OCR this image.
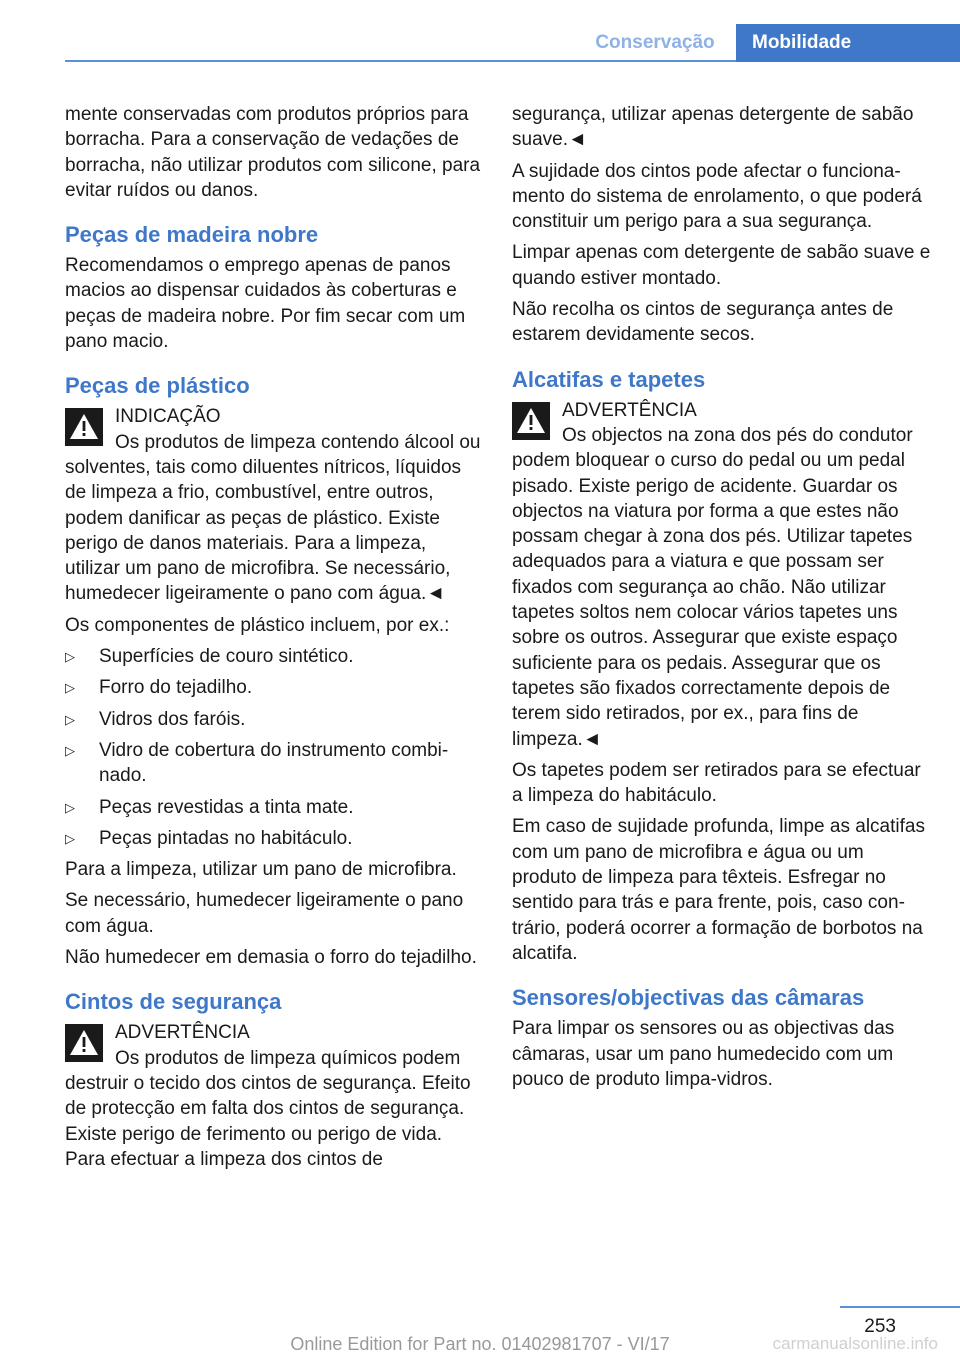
Conservação	Mobilidade

mente conservadas com produtos próprios para borracha. Para a conservação de vedações de borracha, não utilizar produtos com silicone, para evitar ruídos ou danos.

Peças de madeira nobre

Recomendamos o emprego apenas de panos macios ao dispensar cuidados às coberturas e peças de madeira nobre. Por fim secar com um pano macio.

Peças de plástico
INDICAÇÃO
Os produtos de limpeza contendo álcool ou solventes, tais como diluentes nítricos, líquidos de limpeza a frio, combustível, entre outros, podem danificar as peças de plástico. Existe perigo de danos materiais. Para a limpeza, utilizar um pano de microfibra. Se necessário, humedecer ligeiramente o pano com água.◄

Os componentes de plástico incluem, por ex.:

▷ Superfícies de couro sintético.
▷ Forro do tejadilho.
▷ Vidros dos faróis.
▷ Vidro de cobertura do instrumento combinado.
▷ Peças revestidas a tinta mate.
▷ Peças pintadas no habitáculo.

Para a limpeza, utilizar um pano de microfibra.

Se necessário, humedecer ligeiramente o pano com água.

Não humedecer em demasia o forro do tejadilho.

Cintos de segurança
ADVERTÊNCIA
Os produtos de limpeza químicos podem destruir o tecido dos cintos de segurança. Efeito de protecção em falta dos cintos de segurança. Existe perigo de ferimento ou perigo de vida. Para efectuar a limpeza dos cintos de

segurança, utilizar apenas detergente de sabão suave.◄

A sujidade dos cintos pode afectar o funcionamento do sistema de enrolamento, o que poderá constituir um perigo para a sua segurança.

Limpar apenas com detergente de sabão suave e quando estiver montado.

Não recolha os cintos de segurança antes de estarem devidamente secos.

Alcatifas e tapetes
ADVERTÊNCIA
Os objectos na zona dos pés do condutor podem bloquear o curso do pedal ou um pedal pisado. Existe perigo de acidente. Guardar os objectos na viatura por forma a que estes não possam chegar à zona dos pés. Utilizar tapetes adequados para a viatura e que possam ser fixados com segurança ao chão. Não utilizar tapetes soltos nem colocar vários tapetes uns sobre os outros. Assegurar que existe espaço suficiente para os pedais. Assegurar que os tapetes são fixados correctamente depois de terem sido retirados, por ex., para fins de limpeza.◄

Os tapetes podem ser retirados para se efectuar a limpeza do habitáculo.

Em caso de sujidade profunda, limpe as alcatifas com um pano de microfibra e água ou um produto de limpeza para têxteis. Esfregar no sentido para trás e para frente, pois, caso contrário, poderá ocorrer a formação de borbotos na alcatifa.

Sensores/objectivas das câmaras

Para limpar os sensores ou as objectivas das câmaras, usar um pano humedecido com um pouco de produto limpa-vidros.

253
Online Edition for Part no. 01402981707 - VI/17	carmanualsonline.info
